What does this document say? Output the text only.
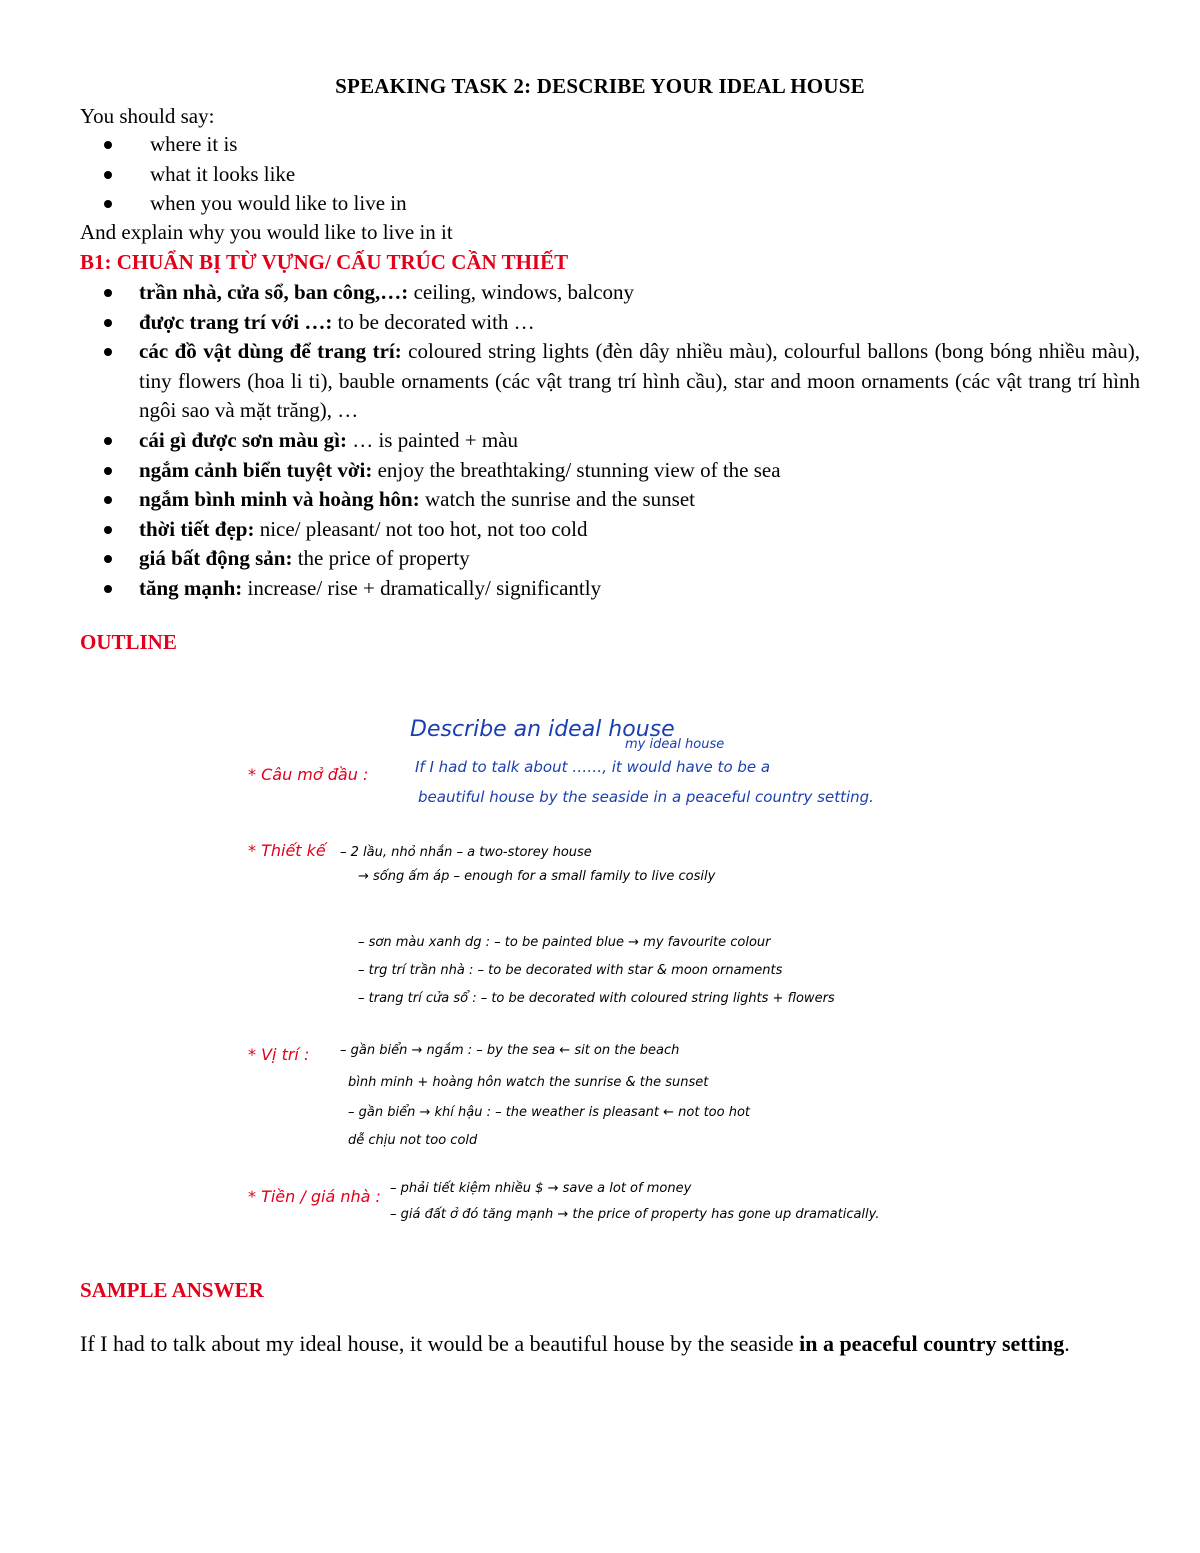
SPEAKING TASK 2: DESCRIBE YOUR IDEAL HOUSE
You should say:
where it is
what it looks like
when you would like to live in
And explain why you would like to live in it
B1: CHUẨN BỊ TỪ VỰNG/ CẤU TRÚC CẦN THIẾT
trần nhà, cửa sổ, ban công,…: ceiling, windows, balcony
được trang trí với …: to be decorated with …
các đồ vật dùng để trang trí: coloured string lights (đèn dây nhiều màu), colourful ballons (bong bóng nhiều màu), tiny flowers (hoa li ti), bauble ornaments (các vật trang trí hình cầu), star and moon ornaments (các vật trang trí hình ngôi sao và mặt trăng), …
cái gì được sơn màu gì: … is painted + màu
ngắm cảnh biển tuyệt vời: enjoy the breathtaking/ stunning view of the sea
ngắm bình minh và hoàng hôn: watch the sunrise and the sunset
thời tiết đẹp: nice/ pleasant/ not too hot, not too cold
giá bất động sản: the price of property
tăng mạnh: increase/ rise + dramatically/ significantly
OUTLINE
Describe an ideal house
my ideal house
* Câu mở đầu :	If I had to talk about ……, it would have to be a
beautiful house by the seaside in a peaceful country setting.
* Thiết kế – 2 lầu, nhỏ nhắn – a two-storey house
→ sống ấm áp – enough for a small family to live cosily
– sơn màu xanh dg : – to be painted blue → my favourite colour
– trg trí trần nhà : – to be decorated with star & moon ornaments
– trang trí cửa sổ : – to be decorated with coloured string lights + flowers
* Vị trí : – gần biển → ngắm : – by the sea ← sit on the beach
bình minh + hoàng hôn watch the sunrise & the sunset
– gần biển → khí hậu : – the weather is pleasant ← not too hot
dễ chịu not too cold
* Tiền / giá nhà : – phải tiết kiệm nhiều $ → save a lot of money
– giá đất ở đó tăng mạnh → the price of property has gone up dramatically.
SAMPLE ANSWER
If I had to talk about my ideal house, it would be a beautiful house by the seaside in a peaceful country setting.
